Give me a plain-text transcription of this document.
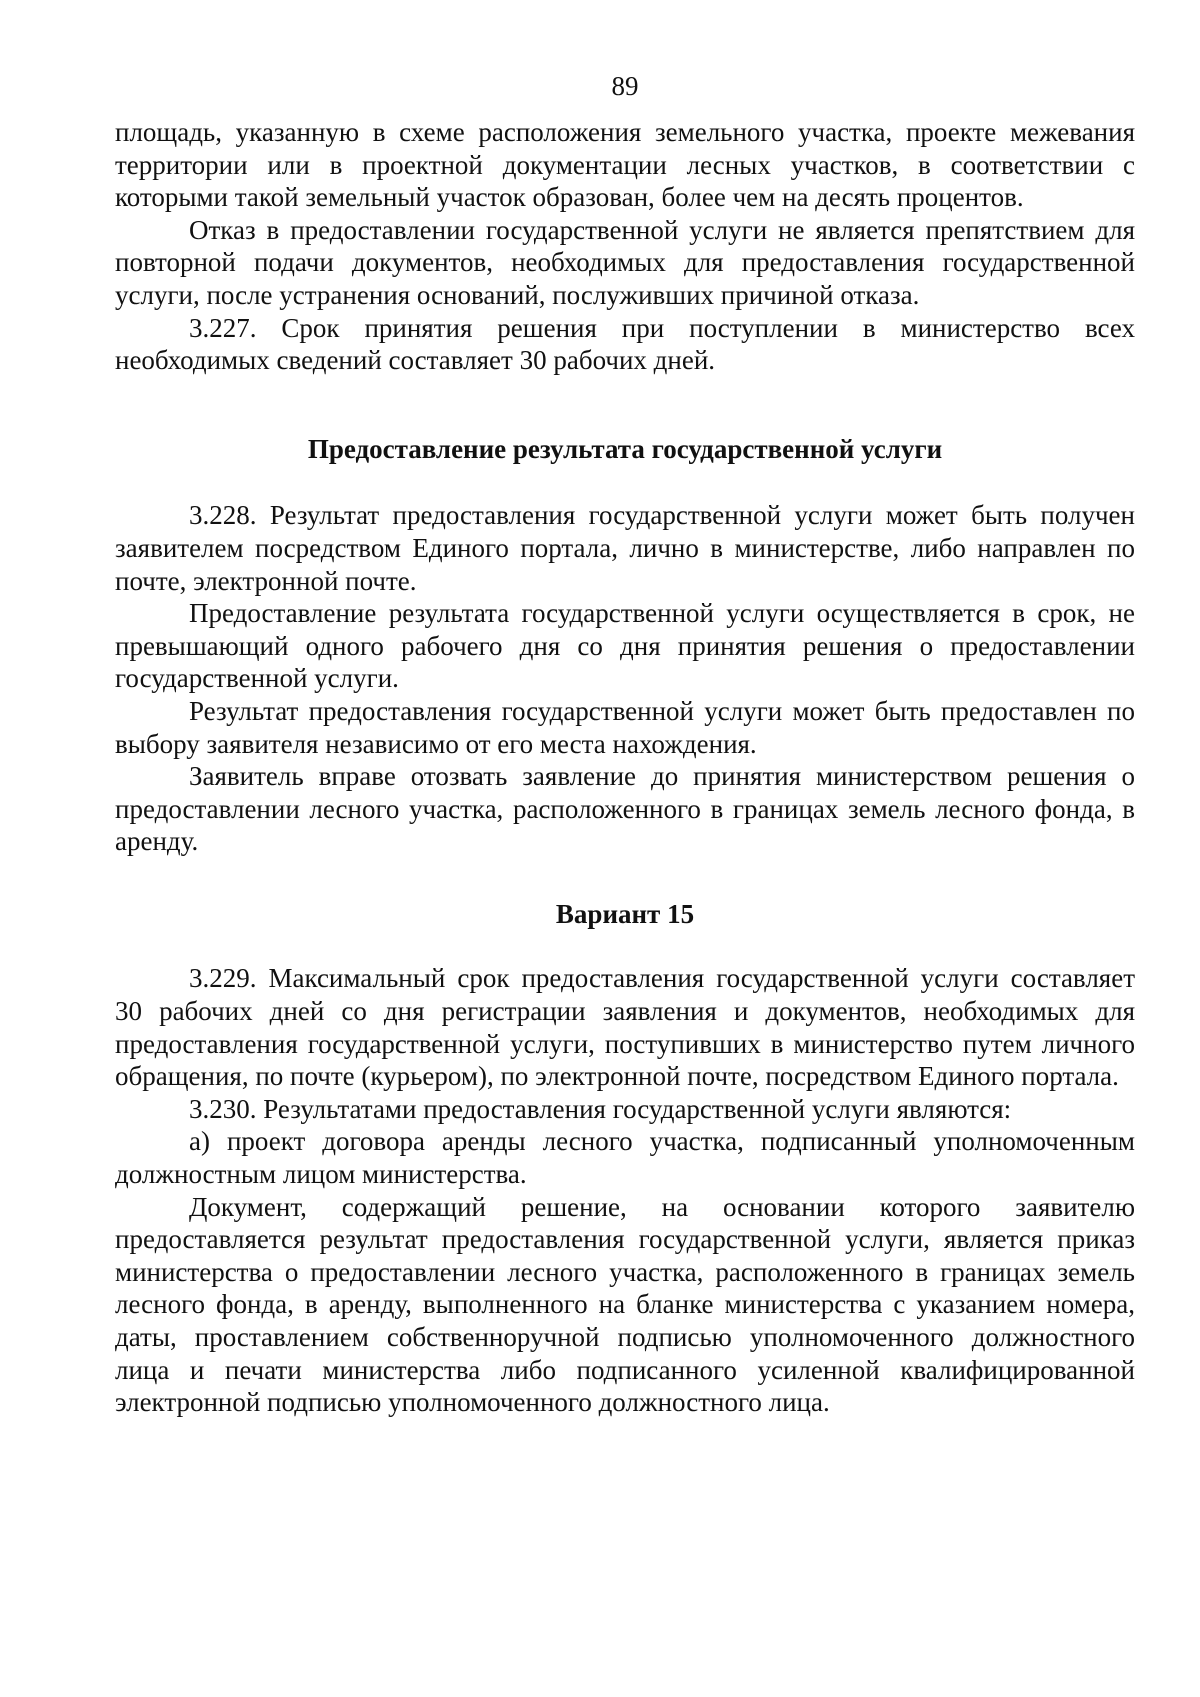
89

площадь, указанную в схеме расположения земельного участка, проекте межевания территории или в проектной документации лесных участков, в соответствии с которыми такой земельный участок образован, более чем на десять процентов.

Отказ в предоставлении государственной услуги не является препятствием для повторной подачи документов, необходимых для предоставления государственной услуги, после устранения оснований, послуживших причиной отказа.

3.227. Срок принятия решения при поступлении в министерство всех необходимых сведений составляет 30 рабочих дней.

Предоставление результата государственной услуги

3.228. Результат предоставления государственной услуги может быть получен заявителем посредством Единого портала, лично в министерстве, либо направлен по почте, электронной почте.

Предоставление результата государственной услуги осуществляется в срок, не превышающий одного рабочего дня со дня принятия решения о предоставлении государственной услуги.

Результат предоставления государственной услуги может быть предоставлен по выбору заявителя независимо от его места нахождения.

Заявитель вправе отозвать заявление до принятия министерством решения о предоставлении лесного участка, расположенного в границах земель лесного фонда, в аренду.

Вариант 15

3.229. Максимальный срок предоставления государственной услуги составляет 30 рабочих дней со дня регистрации заявления и документов, необходимых для предоставления государственной услуги, поступивших в министерство путем личного обращения, по почте (курьером), по электронной почте, посредством Единого портала.

3.230. Результатами предоставления государственной услуги являются:

а) проект договора аренды лесного участка, подписанный уполномоченным должностным лицом министерства.

Документ, содержащий решение, на основании которого заявителю предоставляется результат предоставления государственной услуги, является приказ министерства о предоставлении лесного участка, расположенного в границах земель лесного фонда, в аренду, выполненного на бланке министерства с указанием номера, даты, проставлением собственноручной подписью уполномоченного должностного лица и печати министерства либо подписанного усиленной квалифицированной электронной подписью уполномоченного должностного лица.
